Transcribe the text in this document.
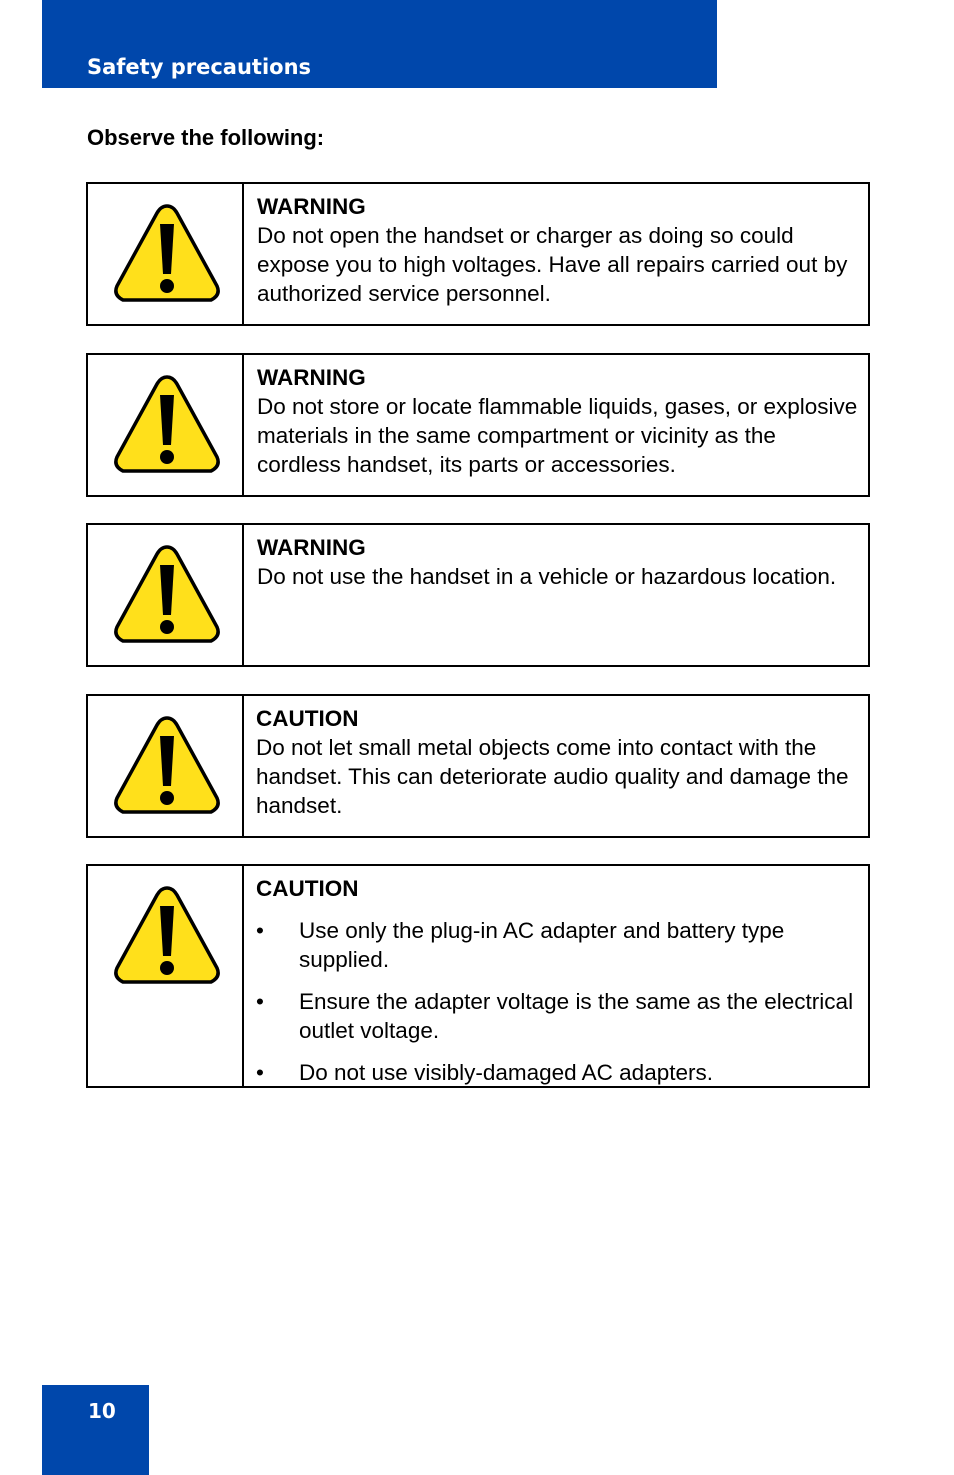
Safety precautions
Observe the following:
WARNING
Do not open the handset or charger as doing so could expose you to high voltages. Have all repairs carried out by authorized service personnel.
WARNING
Do not store or locate flammable liquids, gases, or explosive materials in the same compartment or vicinity as the cordless handset, its parts or accessories.
WARNING
Do not use the handset in a vehicle or hazardous location.
CAUTION
Do not let small metal objects come into contact with the handset. This can deteriorate audio quality and damage the handset.
CAUTION
• Use only the plug-in AC adapter and battery type supplied.
• Ensure the adapter voltage is the same as the electrical outlet voltage.
• Do not use visibly-damaged AC adapters.
10
